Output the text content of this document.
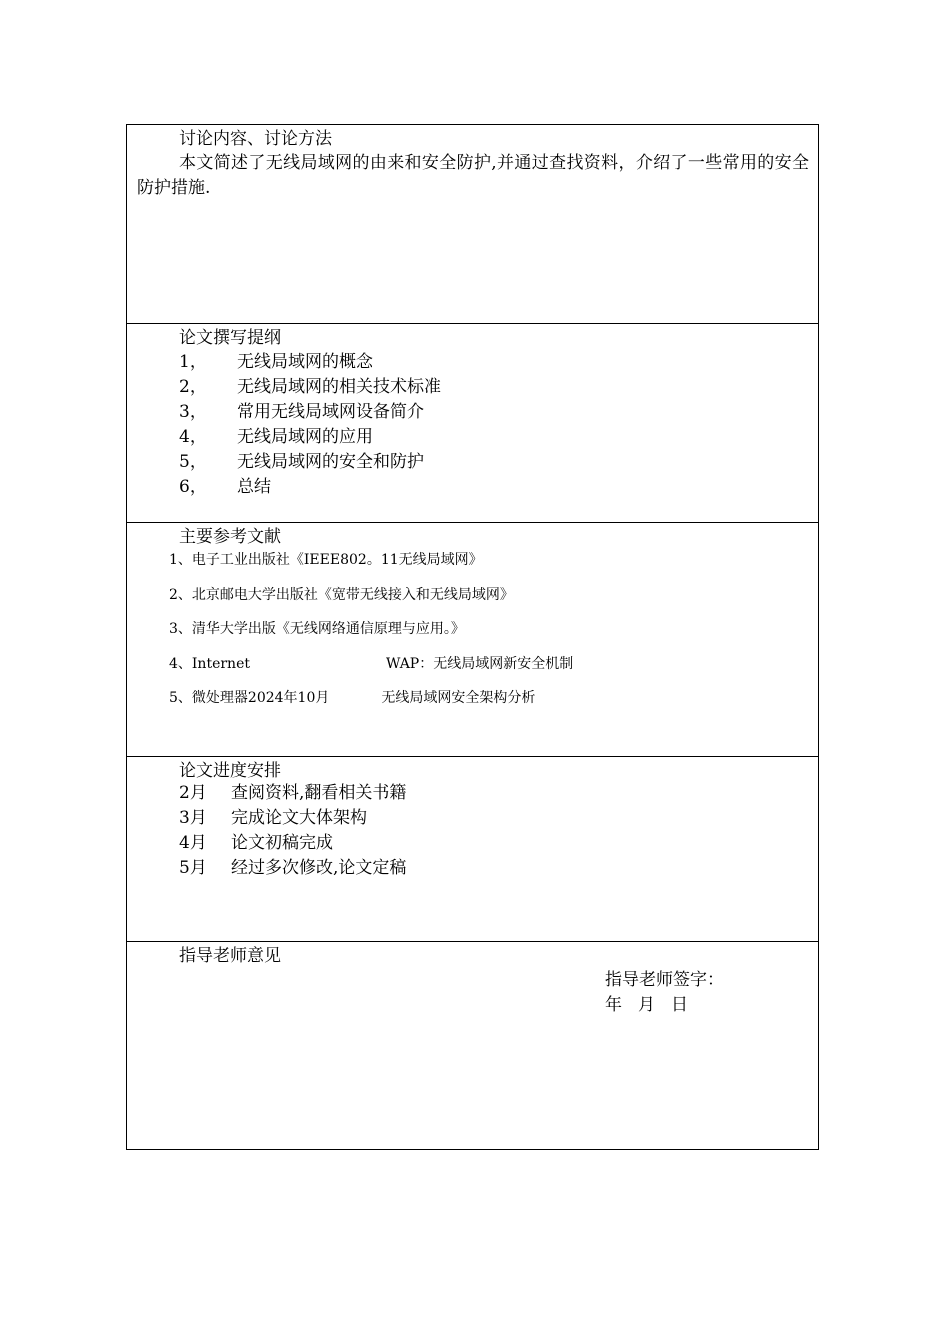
讨论内容、讨论方法
本文简述了无线局域网的由来和安全防护,并通过查找资料，介绍了一些常用的安全防护措施.
论文撰写提纲
1， 无线局域网的概念
2， 无线局域网的相关技术标准
3， 常用无线局域网设备简介
4， 无线局域网的应用
5， 无线局域网的安全和防护
6， 总结
主要参考文献
1、电子工业出版社《IEEE802。11无线局域网》
2、北京邮电大学出版社《宽带无线接入和无线局域网》
3、清华大学出版《无线网络通信原理与应用。》
4、Internet	WAP：无线局域网新安全机制
5、微处理器2024年10月	无线局域网安全架构分析
论文进度安排
2月 查阅资料,翻看相关书籍
3月 完成论文大体架构
4月 论文初稿完成
5月 经过多次修改,论文定稿
指导老师意见
指导老师签字：
年 月 日
